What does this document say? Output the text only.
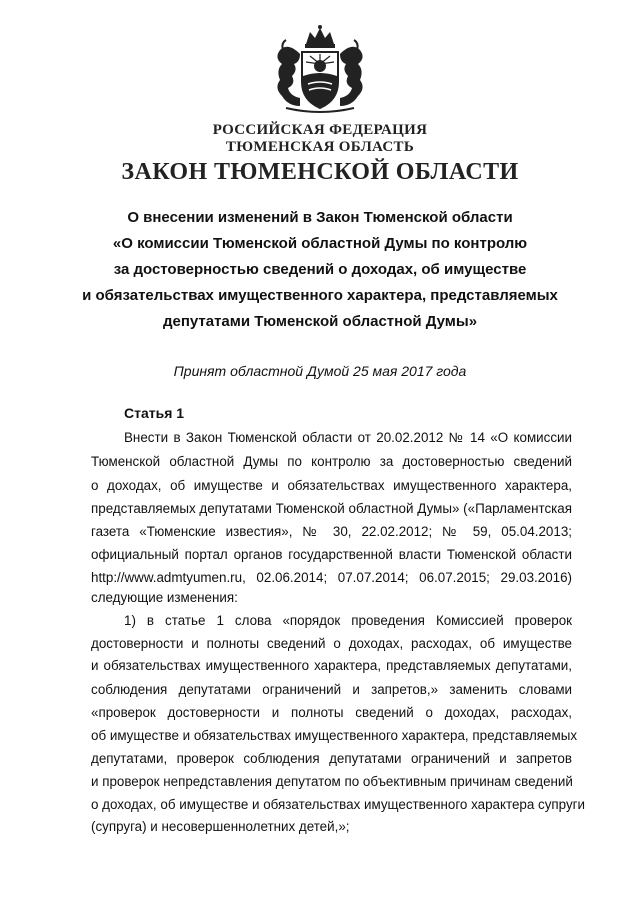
РОССИЙСКАЯ ФЕДЕРАЦИЯ
ТЮМЕНСКАЯ ОБЛАСТЬ
ЗАКОН ТЮМЕНСКОЙ ОБЛАСТИ
О внесении изменений в Закон Тюменской области
«О комиссии Тюменской областной Думы по контролю
за достоверностью сведений о доходах, об имуществе
и обязательствах имущественного характера, представляемых
депутатами Тюменской областной Думы»
Принят областной Думой 25 мая 2017 года
Статья 1
Внести в Закон Тюменской области от 20.02.2012 № 14 «О комиссии
Тюменской областной Думы по контролю за достоверностью сведений
о доходах, об имуществе и обязательствах имущественного характера,
представляемых депутатами Тюменской областной Думы» («Парламентская
газета «Тюменские известия», № 30, 22.02.2012; № 59, 05.04.2013;
официальный портал органов государственной власти Тюменской области
http://www.admtyumen.ru, 02.06.2014; 07.07.2014; 06.07.2015; 29.03.2016)
следующие изменения:
1) в статье 1 слова «порядок проведения Комиссией проверок
достоверности и полноты сведений о доходах, расходах, об имуществе
и обязательствах имущественного характера, представляемых депутатами,
соблюдения депутатами ограничений и запретов,» заменить словами
«проверок достоверности и полноты сведений о доходах, расходах,
об имуществе и обязательствах имущественного характера, представляемых
депутатами, проверок соблюдения депутатами ограничений и запретов
и проверок непредставления депутатом по объективным причинам сведений
о доходах, об имуществе и обязательствах имущественного характера супруги
(супруга) и несовершеннолетних детей,»;
